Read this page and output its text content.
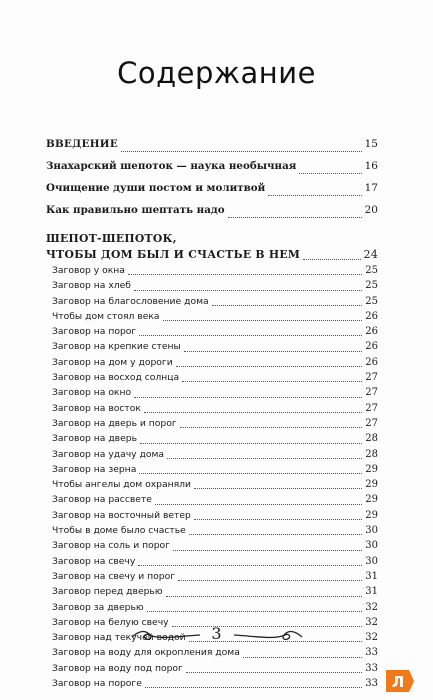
Содержание
ВВЕДЕНИЕ	15
Знахарский шепоток — наука необычная	16
Очищение души постом и молитвой	17
Как правильно шептать надо	20
ШЕПОТ-ШЕПОТОК,
ЧТОБЫ ДОМ БЫЛ И СЧАСТЬЕ В НЕМ	24
Заговор у окна	25
Заговор на хлеб	25
Заговор на благословение дома	25
Чтобы дом стоял века	26
Заговор на порог	26
Заговор на крепкие стены	26
Заговор на дом у дороги	26
Заговор на восход солнца	27
Заговор на окно	27
Заговор на восток	27
Заговор на дверь и порог	27
Заговор на дверь	28
Заговор на удачу дома	28
Заговор на зерна	29
Чтобы ангелы дом охраняли	29
Заговор на рассвете	29
Заговор на восточный ветер	29
Чтобы в доме было счастье	30
Заговор на соль и порог	30
Заговор на свечу	30
Заговор на свечу и порог	31
Заговор перед дверью	31
Заговор за дверью	32
Заговор на белую свечу	32
Заговор над текучей водой	32
Заговор на воду для окропления дома	33
Заговор на воду под порог	33
Заговор на пороге	33
3
Л
